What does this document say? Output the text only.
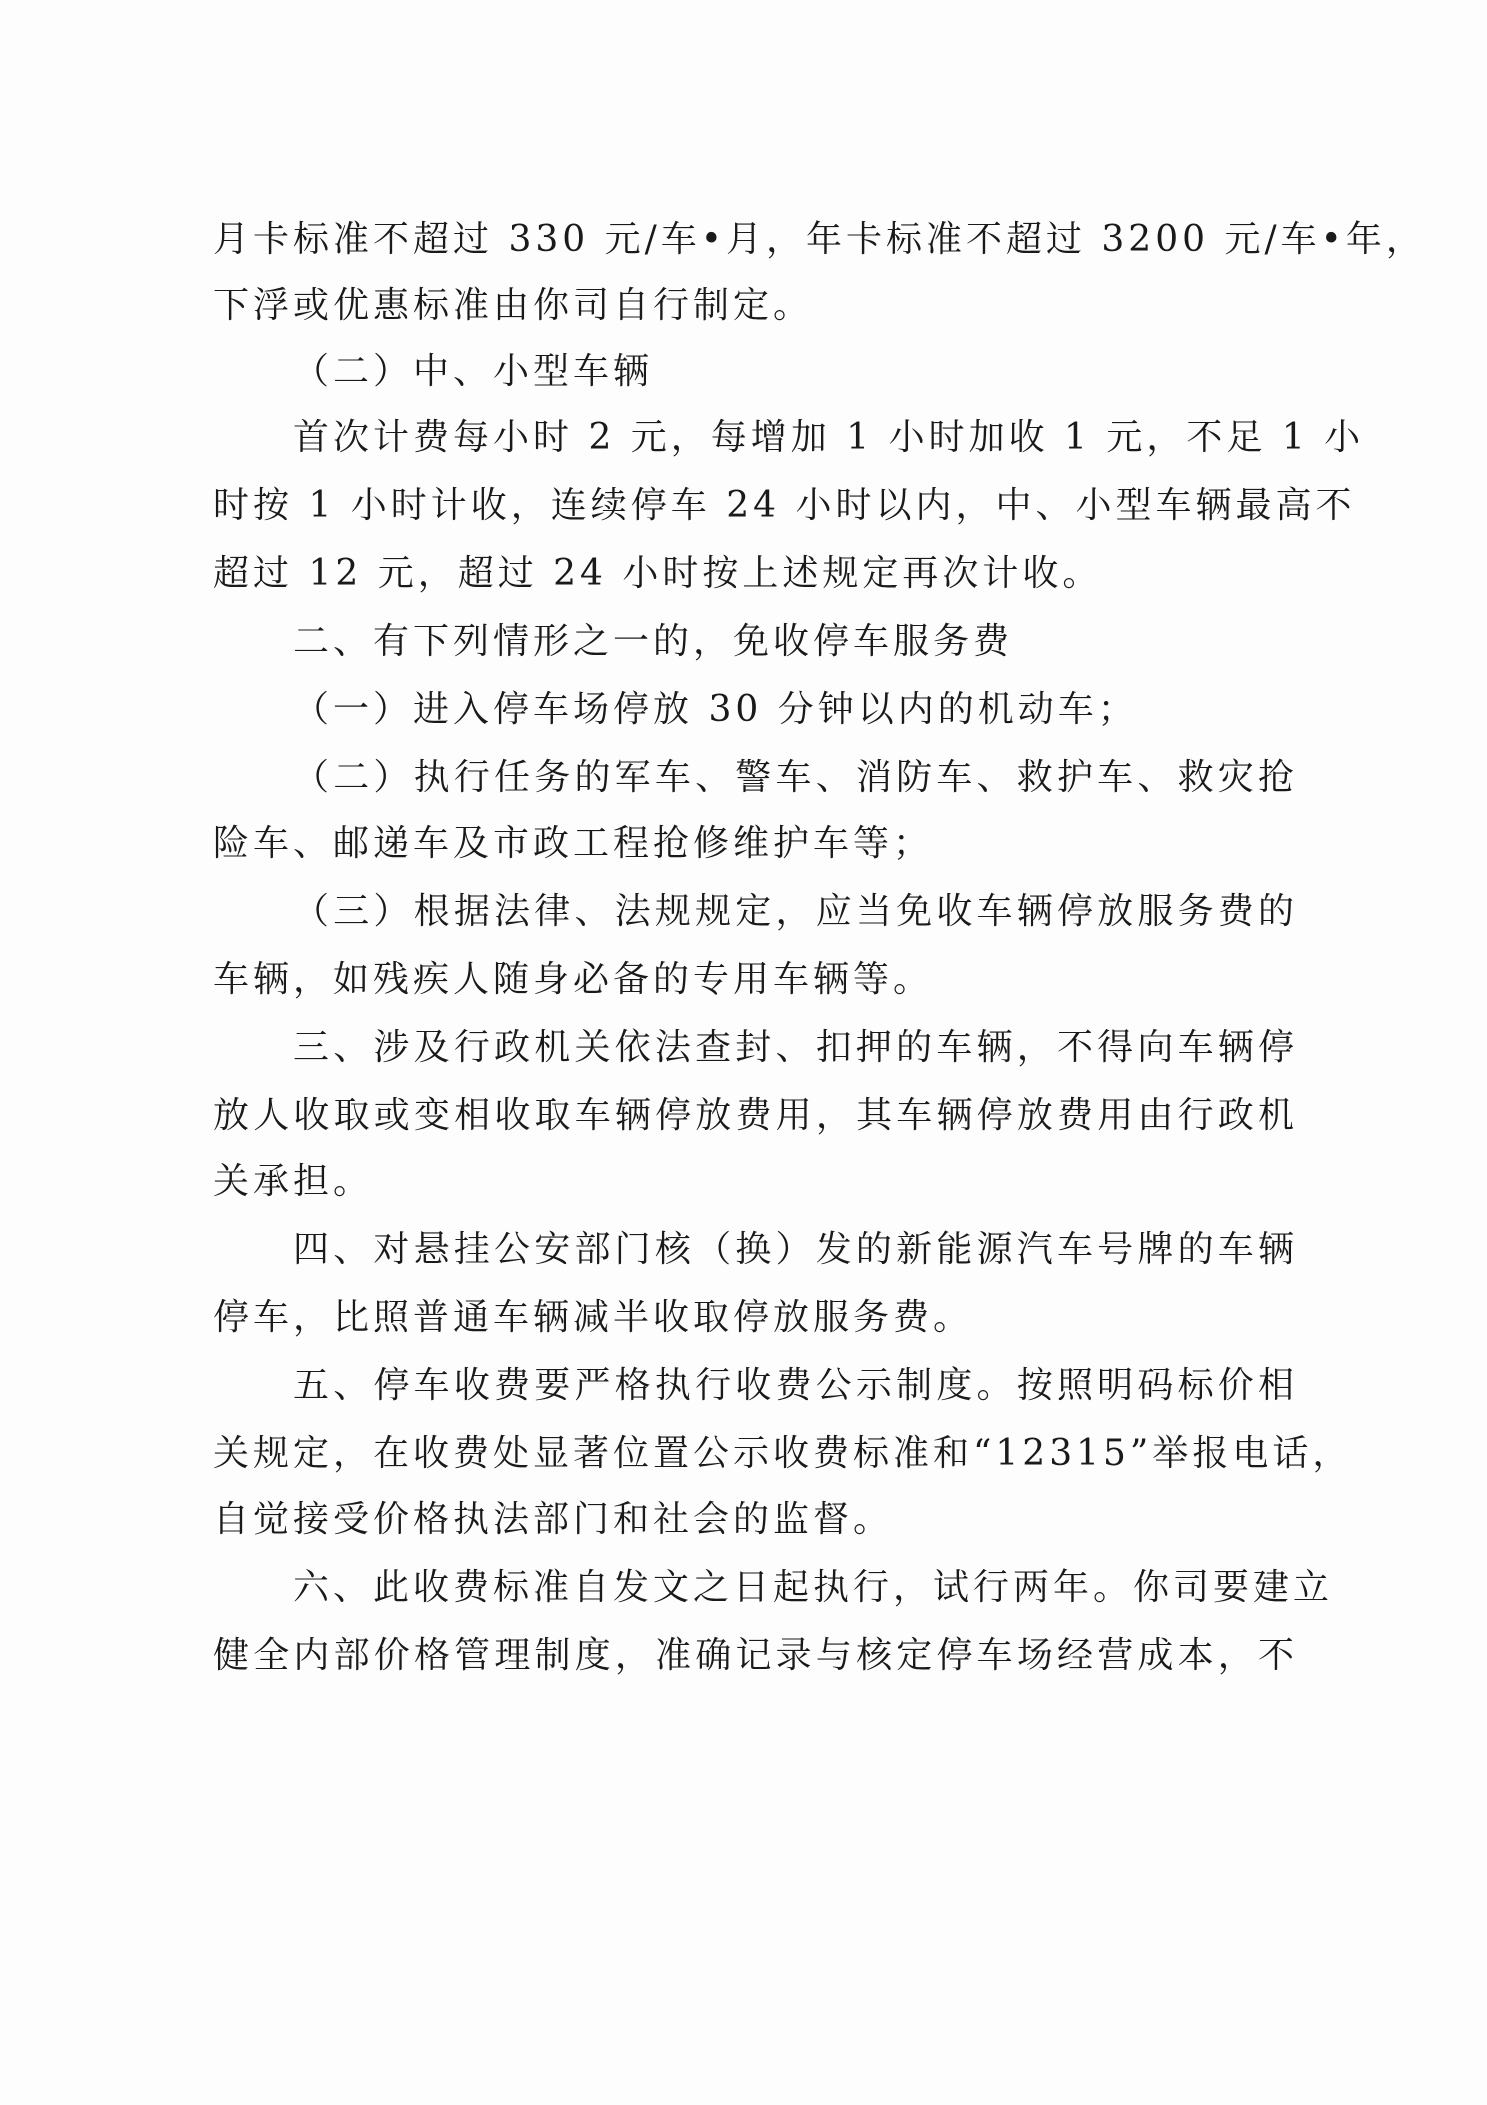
月卡标准不超过 330 元/车•月，年卡标准不超过 3200 元/车•年，
下浮或优惠标准由你司自行制定。
（二）中、小型车辆
首次计费每小时 2 元，每增加 1 小时加收 1 元，不足 1 小
时按 1 小时计收，连续停车 24 小时以内，中、小型车辆最高不
超过 12 元，超过 24 小时按上述规定再次计收。
二、有下列情形之一的，免收停车服务费
（一）进入停车场停放 30 分钟以内的机动车；
（二）执行任务的军车、警车、消防车、救护车、救灾抢
险车、邮递车及市政工程抢修维护车等；
（三）根据法律、法规规定，应当免收车辆停放服务费的
车辆，如残疾人随身必备的专用车辆等。
三、涉及行政机关依法查封、扣押的车辆，不得向车辆停
放人收取或变相收取车辆停放费用，其车辆停放费用由行政机
关承担。
四、对悬挂公安部门核（换）发的新能源汽车号牌的车辆
停车，比照普通车辆减半收取停放服务费。
五、停车收费要严格执行收费公示制度。按照明码标价相
关规定，在收费处显著位置公示收费标准和“12315”举报电话，
自觉接受价格执法部门和社会的监督。
六、此收费标准自发文之日起执行，试行两年。你司要建立
健全内部价格管理制度，准确记录与核定停车场经营成本，不
